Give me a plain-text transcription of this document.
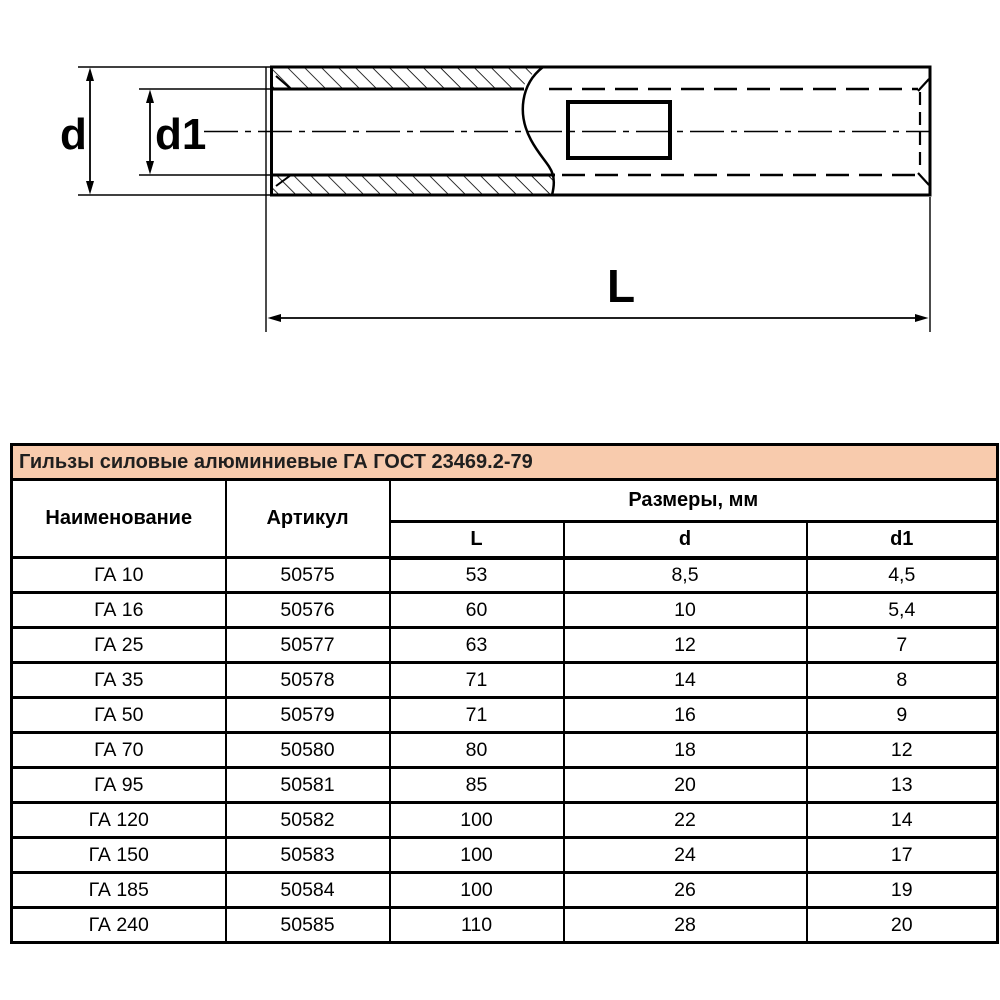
d d1
L
Гильзы силовые алюминиевые ГА ГОСТ 23469.2-79				
Наименование	Артикул	Размеры, мм		
		L	d	d1
ГА 10	50575	53	8,5	4,5
ГА 16	50576	60	10	5,4
ГА 25	50577	63	12	7
ГА 35	50578	71	14	8
ГА 50	50579	71	16	9
ГА 70	50580	80	18	12
ГА 95	50581	85	20	13
ГА 120	50582	100	22	14
ГА 150	50583	100	24	17
ГА 185	50584	100	26	19
ГА 240	50585	110	28	20
